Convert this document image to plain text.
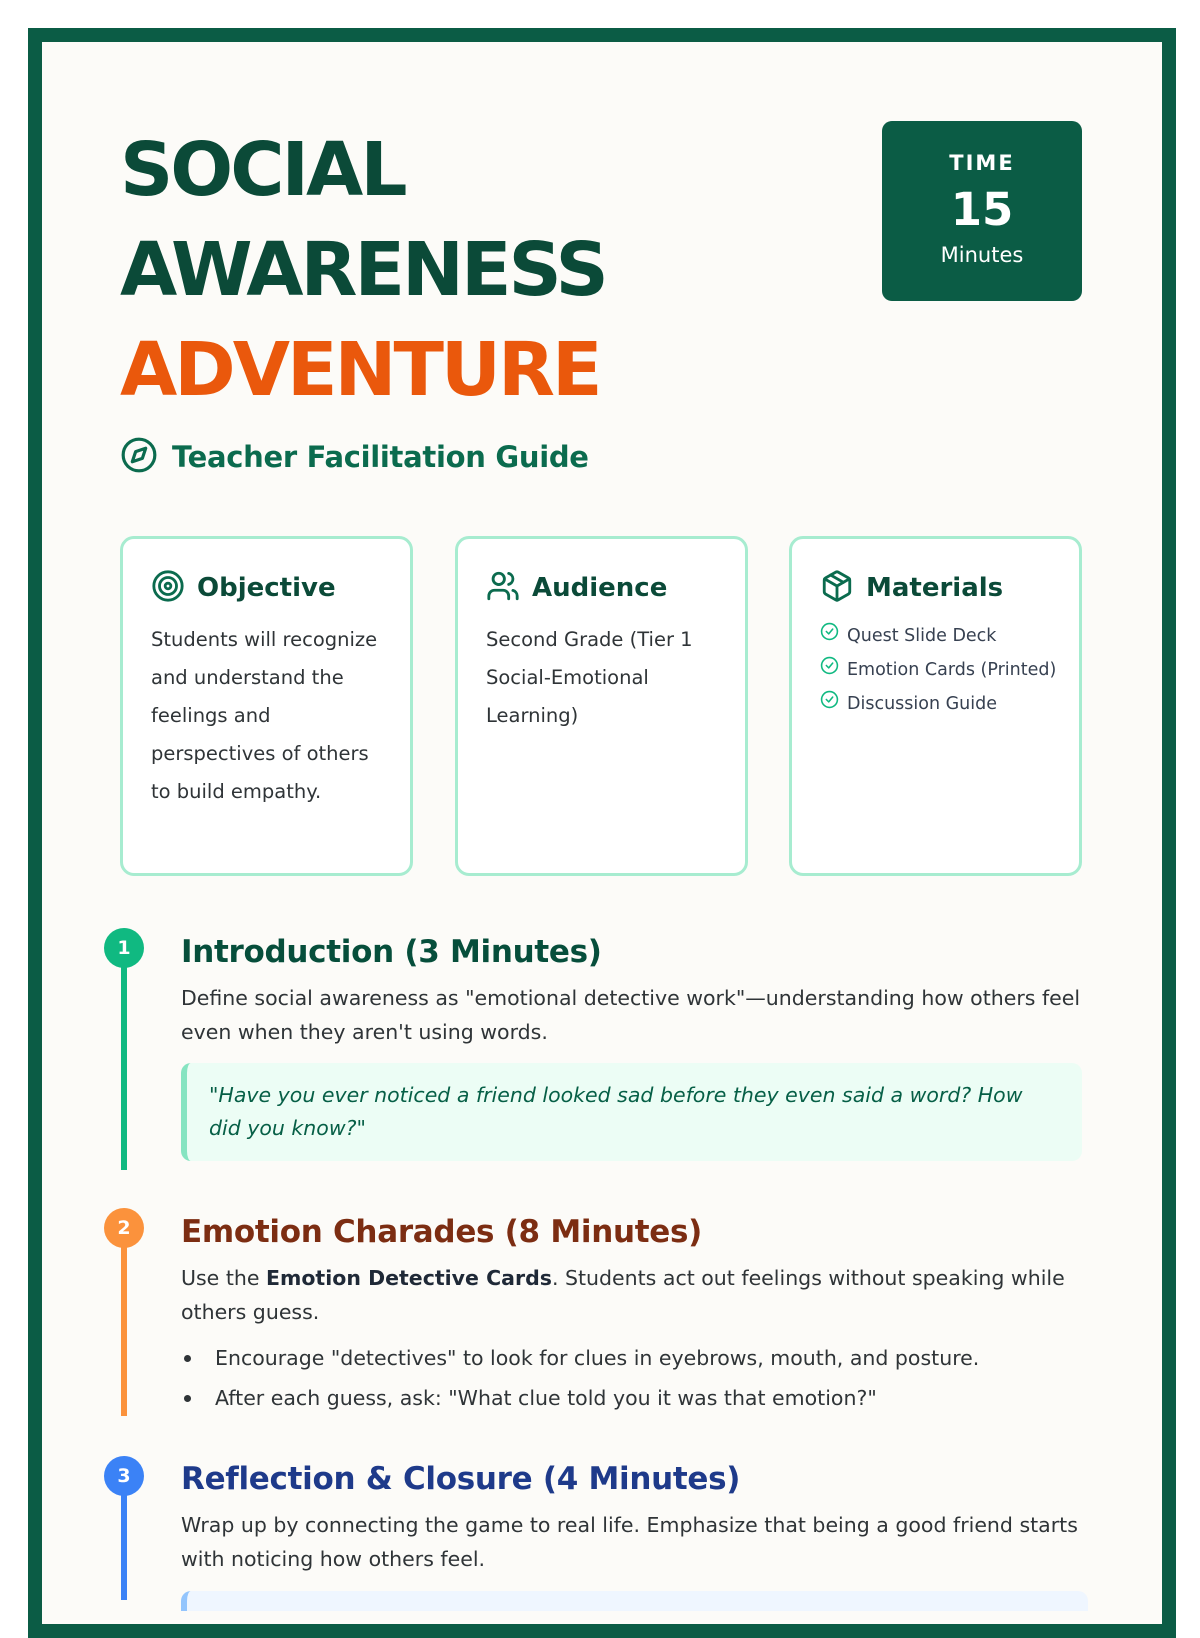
SOCIAL
AWARENESS
ADVENTURE
Teacher Facilitation Guide
TIME
15
Minutes
Objective
Students will recognize and understand the feelings and perspectives of others to build empathy.
Audience
Second Grade (Tier 1 Social-Emotional Learning)
Materials
Quest Slide Deck
Emotion Cards (Printed)
Discussion Guide
1	Introduction (3 Minutes)
Define social awareness as "emotional detective work"—understanding how others feel even when they aren't using words.
"Have you ever noticed a friend looked sad before they even said a word? How did you know?"
2	Emotion Charades (8 Minutes)
Use the Emotion Detective Cards. Students act out feelings without speaking while others guess.
Encourage "detectives" to look for clues in eyebrows, mouth, and posture.
After each guess, ask: "What clue told you it was that emotion?"
3	Reflection & Closure (4 Minutes)
Wrap up by connecting the game to real life. Emphasize that being a good friend starts with noticing how others feel.
